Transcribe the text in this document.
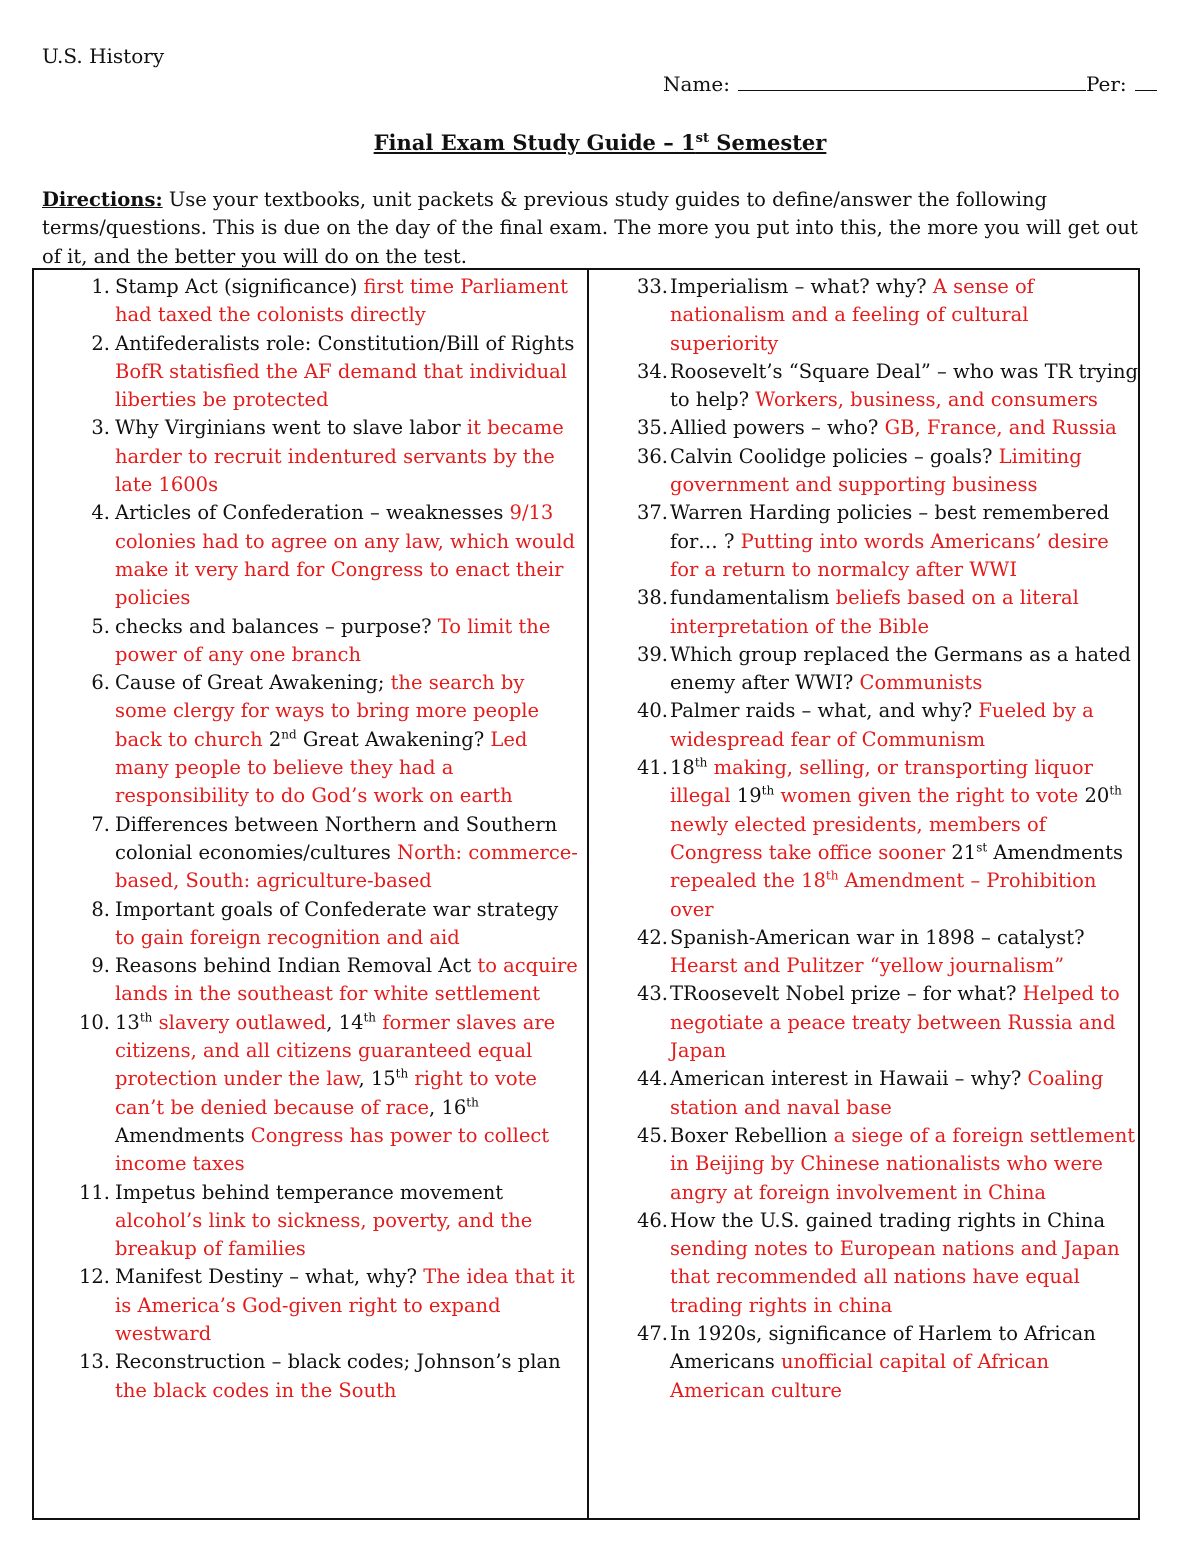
U.S. History
Name:	Per:
Final Exam Study Guide – 1st Semester
Directions: Use your textbooks, unit packets & previous study guides to define/answer the following terms/questions. This is due on the day of the final exam. The more you put into this, the more you will get out of it, and the better you will do on the test.
1. Stamp Act (significance) first time Parliament had taxed the colonists directly
2. Antifederalists role: Constitution/Bill of Rights BofR statisfied the AF demand that individual liberties be protected
3. Why Virginians went to slave labor it became harder to recruit indentured servants by the late 1600s
4. Articles of Confederation – weaknesses 9/13 colonies had to agree on any law, which would make it very hard for Congress to enact their policies
5. checks and balances – purpose? To limit the power of any one branch
6. Cause of Great Awakening; the search by some clergy for ways to bring more people back to church 2nd Great Awakening? Led many people to believe they had a responsibility to do God’s work on earth
7. Differences between Northern and Southern colonial economies/cultures North: commerce-based, South: agriculture-based
8. Important goals of Confederate war strategy to gain foreign recognition and aid
9. Reasons behind Indian Removal Act to acquire lands in the southeast for white settlement
10. 13th slavery outlawed, 14th former slaves are citizens, and all citizens guaranteed equal protection under the law, 15th right to vote can’t be denied because of race, 16th Amendments Congress has power to collect income taxes
11. Impetus behind temperance movement alcohol’s link to sickness, poverty, and the breakup of families
12. Manifest Destiny – what, why? The idea that it is America’s God-given right to expand westward
13. Reconstruction – black codes; Johnson’s plan the black codes in the South
33. Imperialism – what? why? A sense of nationalism and a feeling of cultural superiority
34. Roosevelt’s “Square Deal” – who was TR trying to help? Workers, business, and consumers
35. Allied powers – who? GB, France, and Russia
36. Calvin Coolidge policies – goals? Limiting government and supporting business
37. Warren Harding policies – best remembered for… ? Putting into words Americans’ desire for a return to normalcy after WWI
38. fundamentalism beliefs based on a literal interpretation of the Bible
39. Which group replaced the Germans as a hated enemy after WWI? Communists
40. Palmer raids – what, and why? Fueled by a widespread fear of Communism
41. 18th making, selling, or transporting liquor illegal 19th women given the right to vote 20th newly elected presidents, members of Congress take office sooner 21st Amendments repealed the 18th Amendment – Prohibition over
42. Spanish-American war in 1898 – catalyst? Hearst and Pulitzer “yellow journalism”
43. TRoosevelt Nobel prize – for what? Helped to negotiate a peace treaty between Russia and Japan
44. American interest in Hawaii – why? Coaling station and naval base
45. Boxer Rebellion a siege of a foreign settlement in Beijing by Chinese nationalists who were angry at foreign involvement in China
46. How the U.S. gained trading rights in China sending notes to European nations and Japan that recommended all nations have equal trading rights in china
47. In 1920s, significance of Harlem to African Americans unofficial capital of African American culture
